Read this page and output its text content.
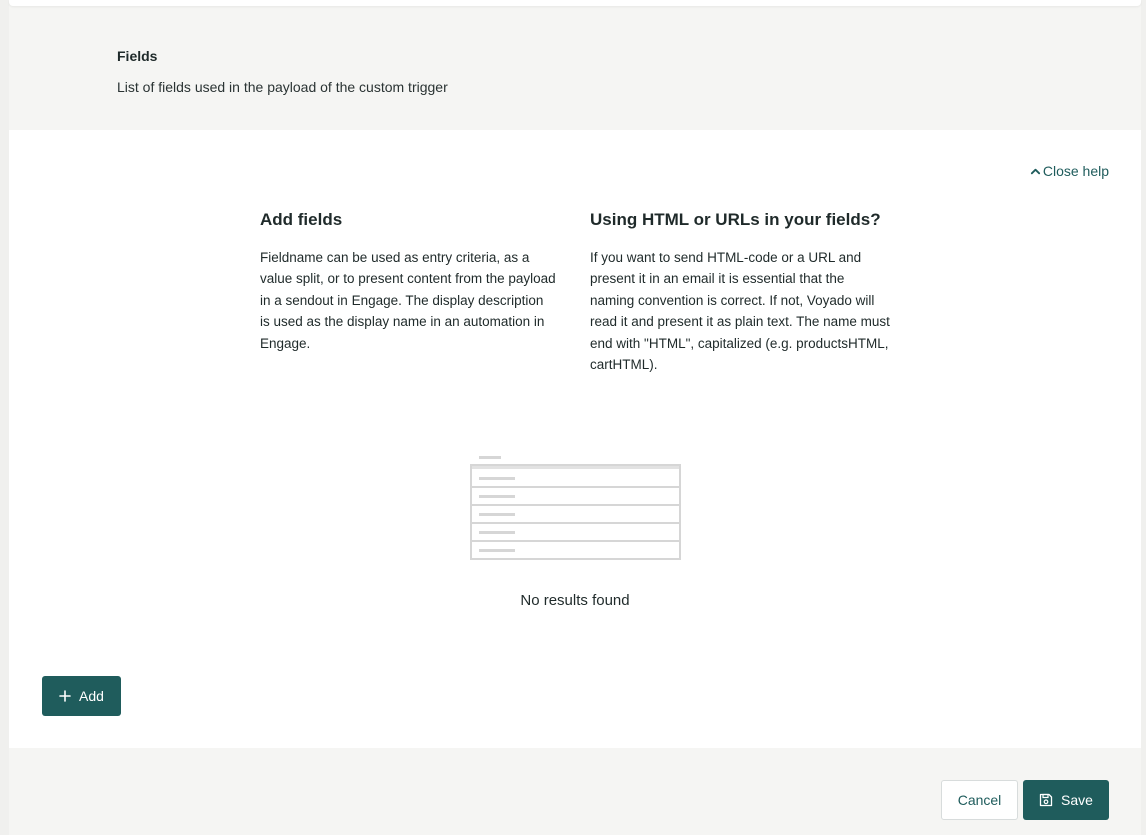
Fields
List of fields used in the payload of the custom trigger
Close help
Add fields
Fieldname can be used as entry criteria, as a value split, or to present content from the payload in a sendout in Engage. The display description is used as the display name in an automation in Engage.
Using HTML or URLs in your fields?
If you want to send HTML-code or a URL and present it in an email it is essential that the naming convention is correct. If not, Voyado will read it and present it as plain text. The name must end with "HTML", capitalized (e.g. productsHTML, cartHTML).
No results found
Add
Cancel	Save
